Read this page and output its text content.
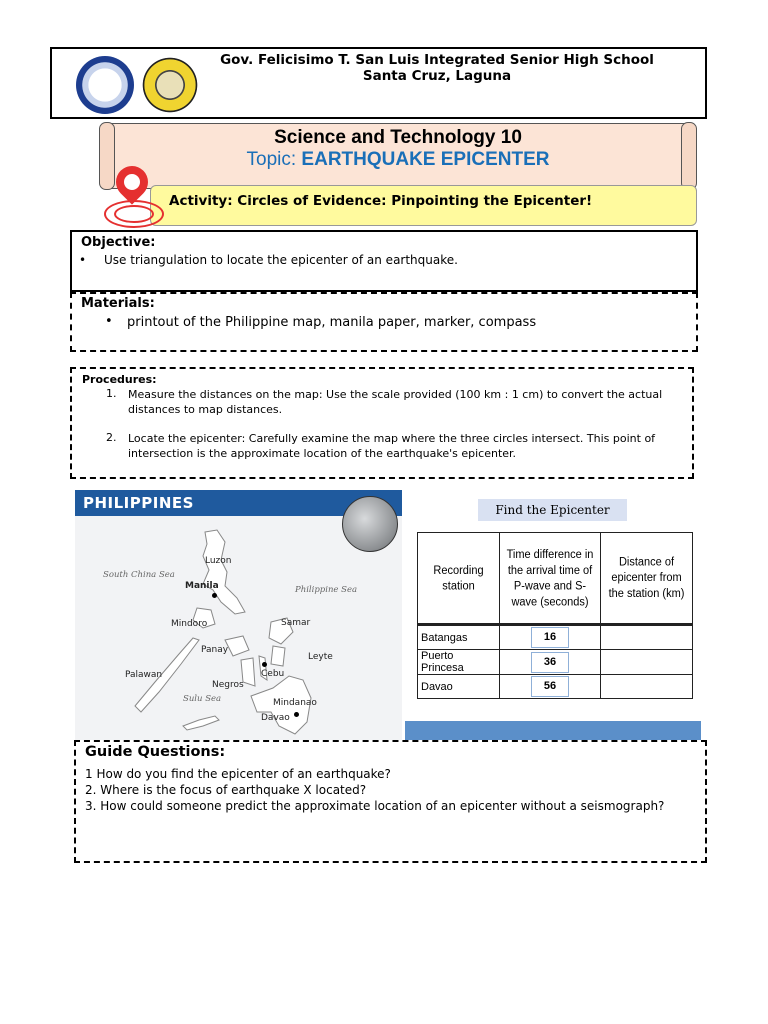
Gov. Felicisimo T. San Luis Integrated Senior High School
Santa Cruz, Laguna
Science and Technology 10
Topic: EARTHQUAKE EPICENTER
Activity: Circles of Evidence: Pinpointing the Epicenter!
Objective:
• Use triangulation to locate the epicenter of an earthquake.
Materials:
• printout of the Philippine map, manila paper, marker, compass
Procedures:
1. Measure the distances on the map: Use the scale provided (100 km : 1 cm) to convert the actual distances to map distances.
2. Locate the epicenter: Carefully examine the map where the three circles intersect. This point of intersection is the approximate location of the earthquake's epicenter.
PHILIPPINES
South China Sea
Philippine Sea
Sulu Sea
Luzon
Manila
Mindoro	Samar
Panay
Leyte
Palawan	Cebu
Negros
Mindanao
Davao
Find the Epicenter
Recording station	Time difference in the arrival time of P-wave and S-wave (seconds)	Distance of epicenter from the station (km)
Batangas	16	
Puerto Princesa	36	
Davao	56	
Guide Questions:
1 How do you find the epicenter of an earthquake?
2. Where is the focus of earthquake X located?
3. How could someone predict the approximate location of an epicenter without a seismograph?
